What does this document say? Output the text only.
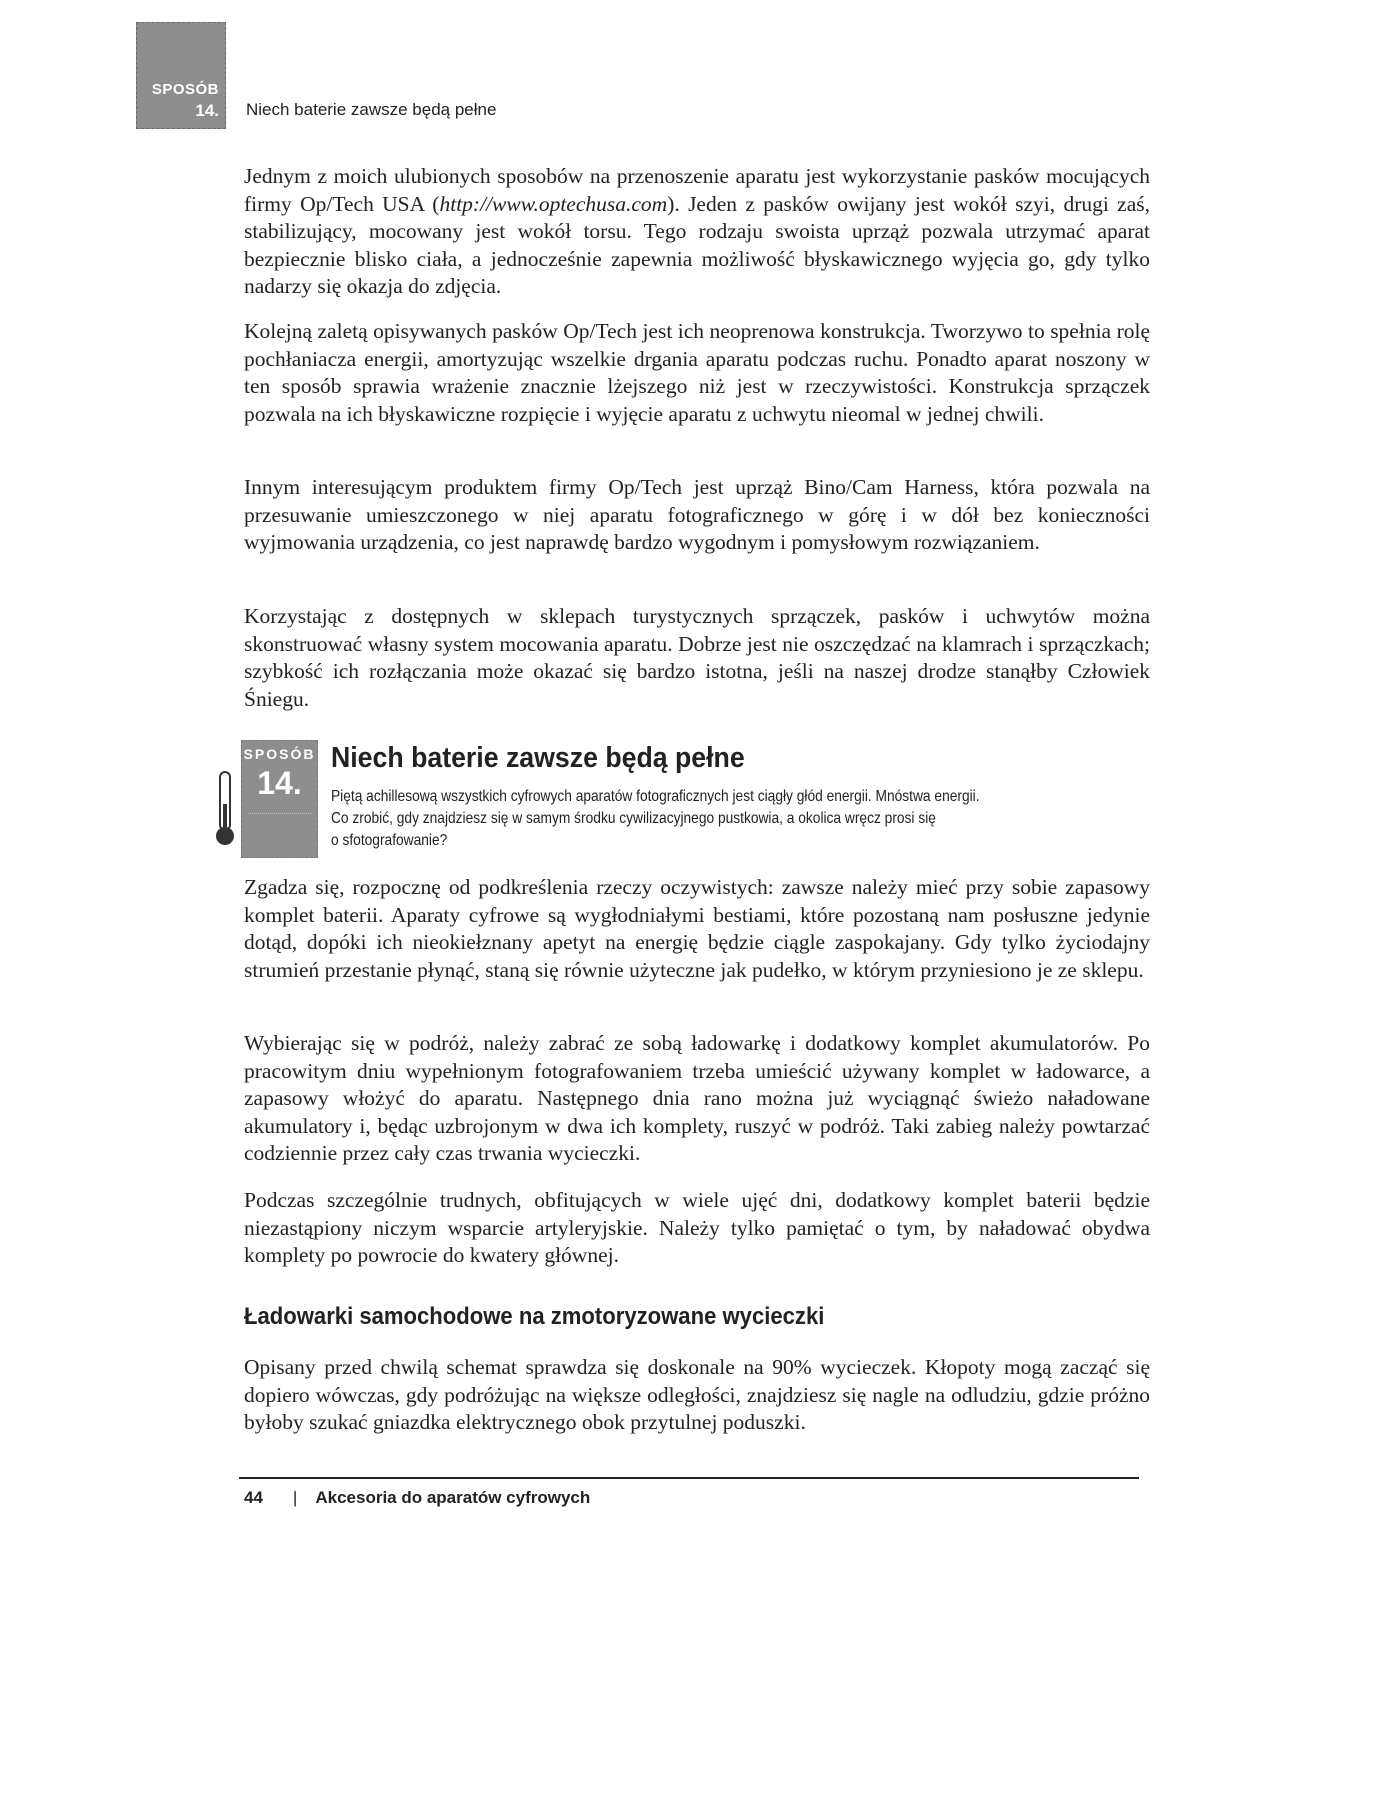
SPOSÓB
14. Niech baterie zawsze będą pełne

Jednym z moich ulubionych sposobów na przenoszenie aparatu jest wykorzystanie pasków mocujących firmy Op/Tech USA (http://www.optechusa.com). Jeden z pasków owijany jest wokół szyi, drugi zaś, stabilizujący, mocowany jest wokół torsu. Tego rodzaju swoista uprząż pozwala utrzymać aparat bezpiecznie blisko ciała, a jednocześnie zapewnia możliwość błyskawicznego wyjęcia go, gdy tylko nadarzy się okazja do zdjęcia.

Kolejną zaletą opisywanych pasków Op/Tech jest ich neoprenowa konstrukcja. Tworzywo to spełnia rolę pochłaniacza energii, amortyzując wszelkie drgania aparatu podczas ruchu. Ponadto aparat noszony w ten sposób sprawia wrażenie znacznie lżejszego niż jest w rzeczywistości. Konstrukcja sprzączek pozwala na ich błyskawiczne rozpięcie i wyjęcie aparatu z uchwytu nieomal w jednej chwili.

Innym interesującym produktem firmy Op/Tech jest uprząż Bino/Cam Harness, która pozwala na przesuwanie umieszczonego w niej aparatu fotograficznego w górę i w dół bez konieczności wyjmowania urządzenia, co jest naprawdę bardzo wygodnym i pomysłowym rozwiązaniem.

Korzystając z dostępnych w sklepach turystycznych sprzączek, pasków i uchwytów można skonstruować własny system mocowania aparatu. Dobrze jest nie oszczędzać na klamrach i sprzączkach; szybkość ich rozłączania może okazać się bardzo istotna, jeśli na naszej drodze stanąłby Człowiek Śniegu.

SPOSÓB
14.
Niech baterie zawsze będą pełne
Piętą achillesową wszystkich cyfrowych aparatów fotograficznych jest ciągły głód energii. Mnóstwa energii.
Co zrobić, gdy znajdziesz się w samym środku cywilizacyjnego pustkowia, a okolica wręcz prosi się
o sfotografowanie?

Zgadza się, rozpocznę od podkreślenia rzeczy oczywistych: zawsze należy mieć przy sobie zapasowy komplet baterii. Aparaty cyfrowe są wygłodniałymi bestiami, które pozostaną nam posłuszne jedynie dotąd, dopóki ich nieokiełznany apetyt na energię będzie ciągle zaspokajany. Gdy tylko życiodajny strumień przestanie płynąć, staną się równie użyteczne jak pudełko, w którym przyniesiono je ze sklepu.

Wybierając się w podróż, należy zabrać ze sobą ładowarkę i dodatkowy komplet akumulatorów. Po pracowitym dniu wypełnionym fotografowaniem trzeba umieścić używany komplet w ładowarce, a zapasowy włożyć do aparatu. Następnego dnia rano można już wyciągnąć świeżo naładowane akumulatory i, będąc uzbrojonym w dwa ich komplety, ruszyć w podróż. Taki zabieg należy powtarzać codziennie przez cały czas trwania wycieczki.

Podczas szczególnie trudnych, obfitujących w wiele ujęć dni, dodatkowy komplet baterii będzie niezastąpiony niczym wsparcie artyleryjskie. Należy tylko pamiętać o tym, by naładować obydwa komplety po powrocie do kwatery głównej.

Ładowarki samochodowe na zmotoryzowane wycieczki

Opisany przed chwilą schemat sprawdza się doskonale na 90% wycieczek. Kłopoty mogą zacząć się dopiero wówczas, gdy podróżując na większe odległości, znajdziesz się nagle na odludziu, gdzie próżno byłoby szukać gniazdka elektrycznego obok przytulnej poduszki.

44 | Akcesoria do aparatów cyfrowych
